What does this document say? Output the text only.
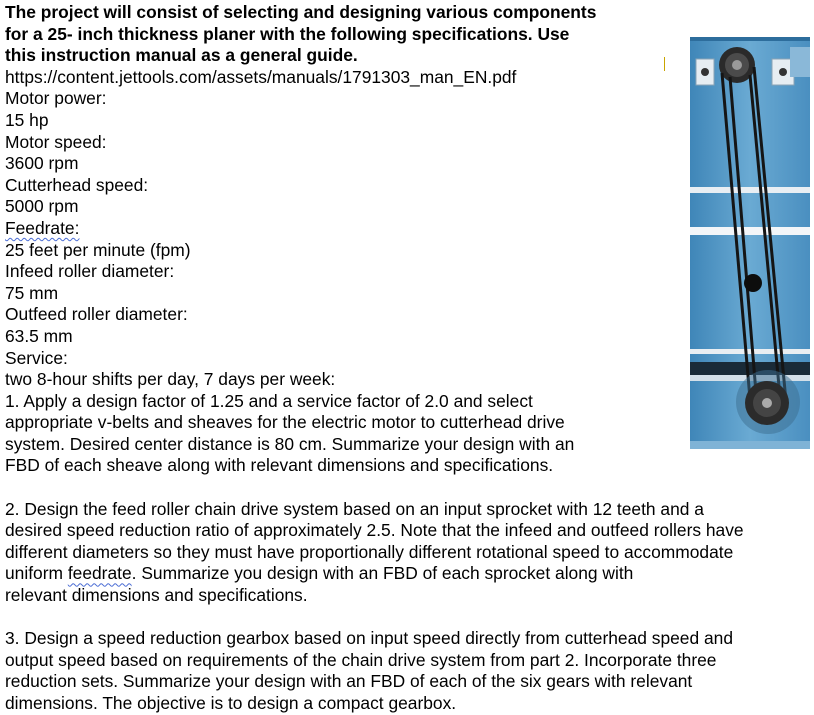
The project will consist of selecting and designing various components
for a 25- inch thickness planer with the following specifications. Use
this instruction manual as a general guide.
https://content.jettools.com/assets/manuals/1791303_man_EN.pdf
Motor power:
15 hp
Motor speed:
3600 rpm
Cutterhead speed:
5000 rpm
Feedrate:
25 feet per minute (fpm)
Infeed roller diameter:
75 mm
Outfeed roller diameter:
63.5 mm
Service:
two 8-hour shifts per day, 7 days per week:
1. Apply a design factor of 1.25 and a service factor of 2.0 and select
appropriate v-belts and sheaves for the electric motor to cutterhead drive
system. Desired center distance is 80 cm. Summarize your design with an
FBD of each sheave along with relevant dimensions and specifications.
2. Design the feed roller chain drive system based on an input sprocket with 12 teeth and a
desired speed reduction ratio of approximately 2.5. Note that the infeed and outfeed rollers have
different diameters so they must have proportionally different rotational speed to accommodate
uniform feedrate. Summarize you design with an FBD of each sprocket along with
relevant dimensions and specifications.
3. Design a speed reduction gearbox based on input speed directly from cutterhead speed and
output speed based on requirements of the chain drive system from part 2. Incorporate three
reduction sets. Summarize your design with an FBD of each of the six gears with relevant
dimensions. The objective is to design a compact gearbox.
